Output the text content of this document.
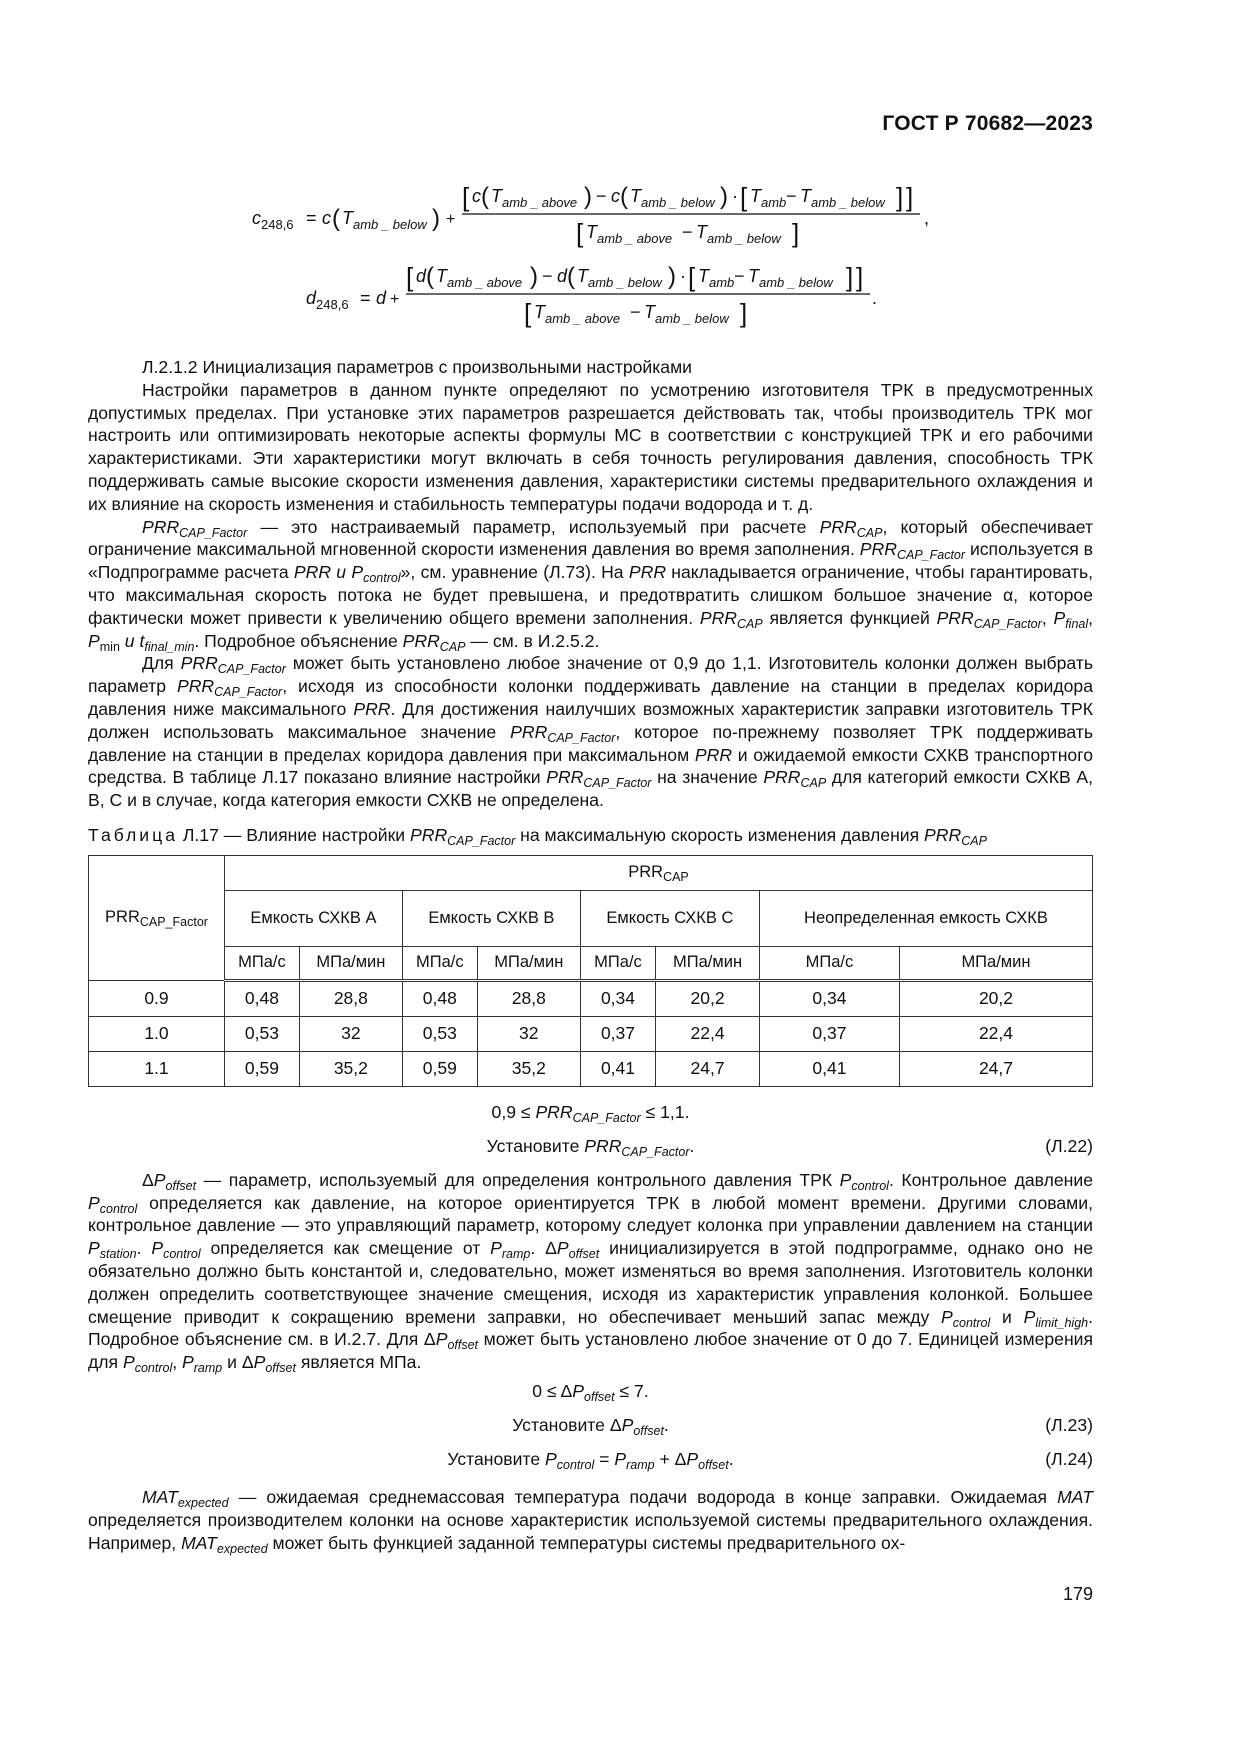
ГОСТ Р 70682—2023
$c_{248,6} = c$ ( T amb _ below ) +
[ c ( T amb _ above ) − c ( T amb _ below ) · [ T amb − T amb _ below ] ]
[ T amb _ above − T amb _ below ]	,
$d_{248,6} = d$ +
[ d ( T amb _ above ) − d ( T amb _ below ) · [ T amb − T amb _ below ] ]
[ T amb _ above − T amb _ below ]	.

Л.2.1.2 Инициализация параметров с произвольными настройками

Настройки параметров в данном пункте определяют по усмотрению изготовителя ТРК в предусмотренных допустимых пределах. При установке этих параметров разрешается действовать так, чтобы производитель ТРК мог настроить или оптимизировать некоторые аспекты формулы МС в соответствии с конструкцией ТРК и его рабочими характеристиками. Эти характеристики могут включать в себя точность регулирования давления, способность ТРК поддерживать самые высокие скорости изменения давления, характеристики системы предварительного охлаждения и их влияние на скорость изменения и стабильность температуры подачи водорода и т. д.

$PRR_{CAP\_Factor}$ — это настраиваемый параметр, используемый при расчете $PRR_{CAP}$, который обеспечивает ограничение максимальной мгновенной скорости изменения давления во время заполнения. $PRR_{CAP\_Factor}$ используется в «Подпрограмме расчета PRR и $P_{control}$», см. уравнение (Л.73). На PRR накладывается ограничение, чтобы гарантировать, что максимальная скорость потока не будет превышена, и предотвратить слишком большое значение α, которое фактически может привести к увеличению общего времени заполнения. $PRR_{CAP}$ является функцией $PRR_{CAP\_Factor}$, $P_{final}$, $P_{min}$ и $t_{final\_min}$. Подробное объяснение $PRR_{CAP}$ — см. в И.2.5.2.

Для $PRR_{CAP\_Factor}$ может быть установлено любое значение от 0,9 до 1,1. Изготовитель колонки должен выбрать параметр $PRR_{CAP\_Factor}$, исходя из способности колонки поддерживать давление на станции в пределах коридора давления ниже максимального PRR. Для достижения наилучших возможных характеристик заправки изготовитель ТРК должен использовать максимальное значение $PRR_{CAP\_Factor}$, которое по-прежнему позволяет ТРК поддерживать давление на станции в пределах коридора давления при максимальном PRR и ожидаемой емкости СХКВ транспортного средства. В таблице Л.17 показано влияние настройки $PRR_{CAP\_Factor}$ на значение $PRR_{CAP}$ для категорий емкости СХКВ А, В, С и в случае, когда категория емкости СХКВ не определена.

Таблица Л.17 — Влияние настройки $PRR_{CAP\_Factor}$ на максимальную скорость изменения давления $PRR_{CAP}$
$PRR_{CAP\_Factor}$	$PRR_{CAP}$
	Емкость СХКВ А		Емкость СХКВ В		Емкость СХКВ С		Неопределенная емкость СХКВ	
	МПа/с	МПа/мин	МПа/с	МПа/мин	МПа/с	МПа/мин	МПа/с	МПа/мин
0.9	0,48	28,8	0,48	28,8	0,34	20,2	0,34	20,2
1.0	0,53	32	0,53	32	0,37	22,4	0,37	22,4
1.1	0,59	35,2	0,59	35,2	0,41	24,7	0,41	24,7
$0,9 \le PRR_{CAP\_Factor} \le 1,1$.
Установите $PRR_{CAP\_Factor}$.	(Л.22)

$\Delta P_{offset}$ — параметр, используемый для определения контрольного давления ТРК $P_{control}$. Контрольное давление $P_{control}$ определяется как давление, на которое ориентируется ТРК в любой момент времени. Другими словами, контрольное давление — это управляющий параметр, которому следует колонка при управлении давлением на станции $P_{station}$. $P_{control}$ определяется как смещение от $P_{ramp}$. $\Delta P_{offset}$ инициализируется в этой подпрограмме, однако оно не обязательно должно быть константой и, следовательно, может изменяться во время заполнения. Изготовитель колонки должен определить соответствующее значение смещения, исходя из характеристик управления колонкой. Большее смещение приводит к сокращению времени заправки, но обеспечивает меньший запас между $P_{control}$ и $P_{limit\_high}$. Подробное объяснение см. в И.2.7. Для $\Delta P_{offset}$ может быть установлено любое значение от 0 до 7. Единицей измерения для $P_{control}$, $P_{ramp}$ и $\Delta P_{offset}$ является МПа.

$0 \le \Delta P_{offset} \le 7$.
Установите $\Delta P_{offset}$.	(Л.23)
Установите $P_{control} = P_{ramp} + \Delta P_{offset}$.	(Л.24)

$MAT_{expected}$ — ожидаемая среднемассовая температура подачи водорода в конце заправки. Ожидаемая MAT определяется производителем колонки на основе характеристик используемой системы предварительного охлаждения. Например, $MAT_{expected}$ может быть функцией заданной температуры системы предварительного ох-

179
